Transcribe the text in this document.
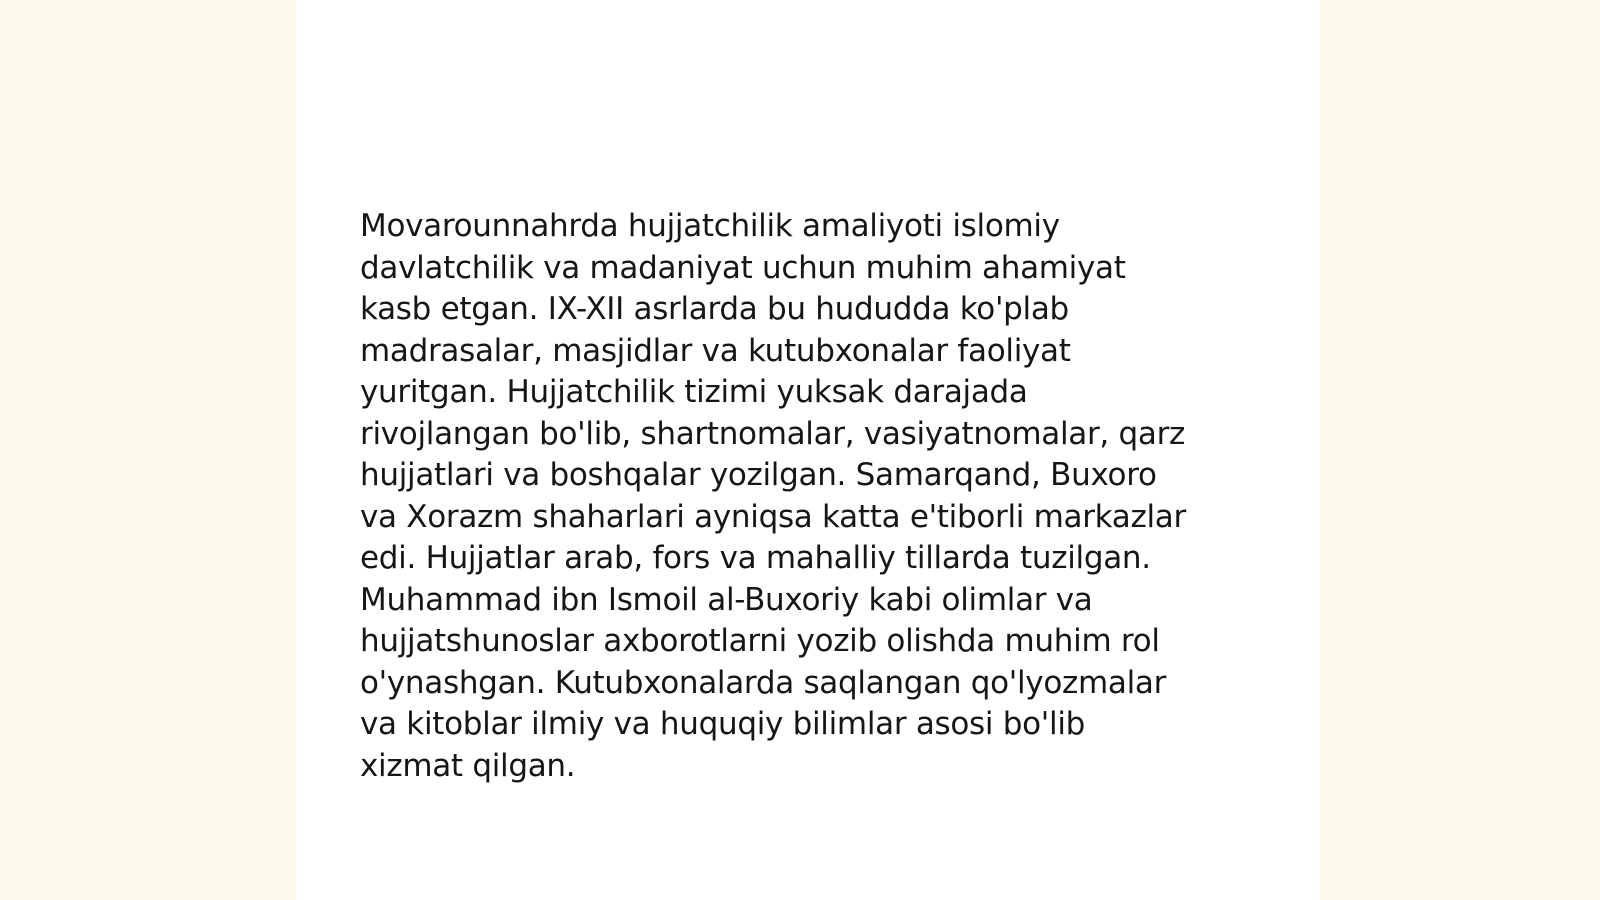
Movarounnahrda hujjatchilik amaliyoti islomiy
davlatchilik va madaniyat uchun muhim ahamiyat
kasb etgan. IX-XII asrlarda bu hududda ko'plab
madrasalar, masjidlar va kutubxonalar faoliyat
yuritgan. Hujjatchilik tizimi yuksak darajada
rivojlangan bo'lib, shartnomalar, vasiyatnomalar, qarz
hujjatlari va boshqalar yozilgan. Samarqand, Buxoro
va Xorazm shaharlari ayniqsa katta e'tiborli markazlar
edi. Hujjatlar arab, fors va mahalliy tillarda tuzilgan.
Muhammad ibn Ismoil al-Buxoriy kabi olimlar va
hujjatshunoslar axborotlarni yozib olishda muhim rol
o'ynashgan. Kutubxonalarda saqlangan qo'lyozmalar
va kitoblar ilmiy va huquqiy bilimlar asosi bo'lib
xizmat qilgan.
